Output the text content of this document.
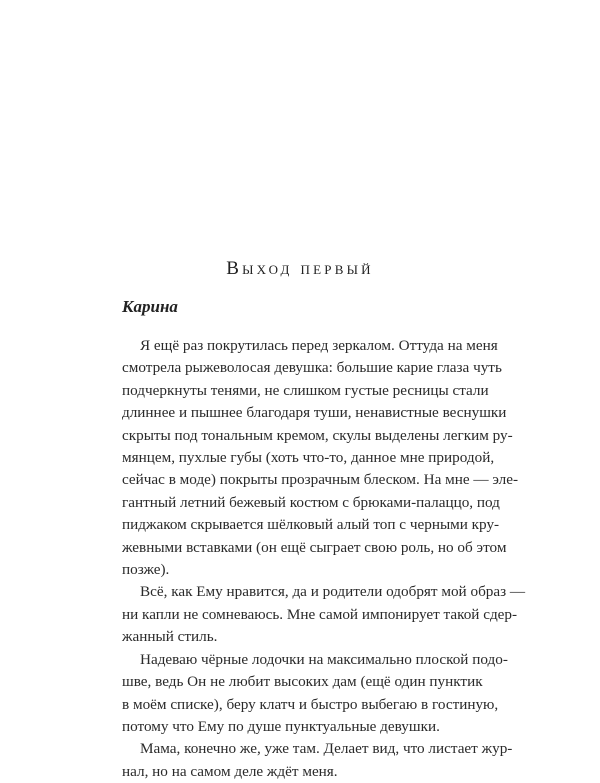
Выход первый
Карина
Я ещё раз покрутилась перед зеркалом. Оттуда на меня
смотрела рыжеволосая девушка: большие карие глаза чуть
подчеркнуты тенями, не слишком густые ресницы стали
длиннее и пышнее благодаря туши, ненавистные веснушки
скрыты под тональным кремом, скулы выделены легким ру-
мянцем, пухлые губы (хоть что-то, данное мне природой,
сейчас в моде) покрыты прозрачным блеском. На мне — эле-
гантный летний бежевый костюм с брюками-палаццо, под
пиджаком скрывается шёлковый алый топ с черными кру-
жевными вставками (он ещё сыграет свою роль, но об этом
позже).
Всё, как Ему нравится, да и родители одобрят мой образ —
ни капли не сомневаюсь. Мне самой импонирует такой сдер-
жанный стиль.
Надеваю чёрные лодочки на максимально плоской подо-
шве, ведь Он не любит высоких дам (ещё один пунктик
в моём списке), беру клатч и быстро выбегаю в гостиную,
потому что Ему по душе пунктуальные девушки.
Мама, конечно же, уже там. Делает вид, что листает жур-
нал, но на самом деле ждёт меня.
